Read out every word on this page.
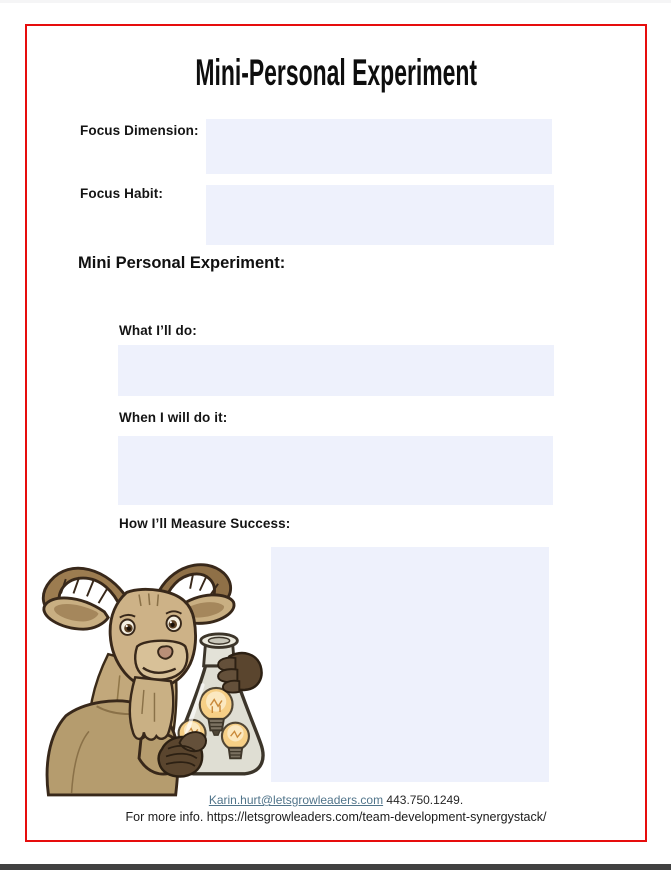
Mini-Personal Experiment
Focus Dimension:
Focus Habit:
Mini Personal Experiment:
What I’ll do:
When I will do it:
How I’ll Measure Success:
Karin.hurt@letsgrowleaders.com 443.750.1249.
For more info. https://letsgrowleaders.com/team-development-synergystack/
